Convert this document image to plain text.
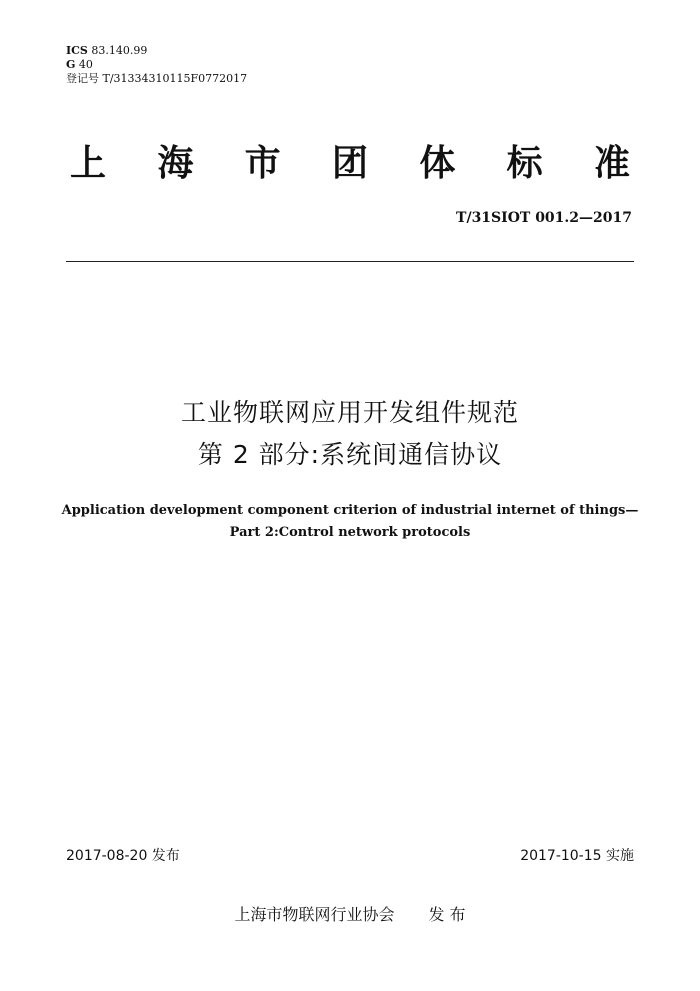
ICS 83.140.99
G 40
登记号 T/31334310115F0772017
上 海 市 团 体 标 准
T/31SIOT 001.2—2017
工业物联网应用开发组件规范
第 2 部分:系统间通信协议
Application development component criterion of industrial internet of things—
Part 2:Control network protocols
2017-08-20 发布	2017-10-15 实施
上海市物联网行业协会 发 布
